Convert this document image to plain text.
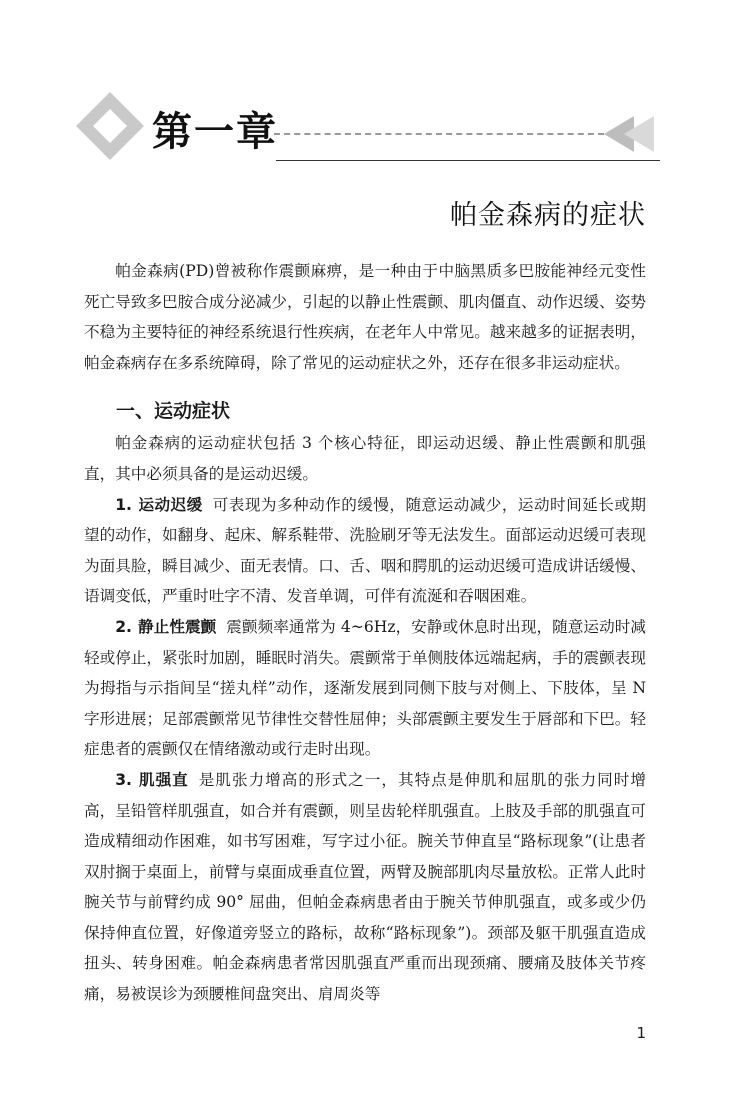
第一章
帕金森病的症状

帕金森病(PD)曾被称作震颤麻痹，是一种由于中脑黑质多巴胺能神经元变性死亡导致多巴胺合成分泌减少，引起的以静止性震颤、肌肉僵直、动作迟缓、姿势不稳为主要特征的神经系统退行性疾病，在老年人中常见。越来越多的证据表明，帕金森病存在多系统障碍，除了常见的运动症状之外，还存在很多非运动症状。

一、运动症状

帕金森病的运动症状包括 3 个核心特征，即运动迟缓、静止性震颤和肌强直，其中必须具备的是运动迟缓。

1. 运动迟缓 可表现为多种动作的缓慢，随意运动减少，运动时间延长或期望的动作，如翻身、起床、解系鞋带、洗脸刷牙等无法发生。面部运动迟缓可表现为面具脸，瞬目减少、面无表情。口、舌、咽和腭肌的运动迟缓可造成讲话缓慢、语调变低，严重时吐字不清、发音单调，可伴有流涎和吞咽困难。

2. 静止性震颤 震颤频率通常为 4~6Hz，安静或休息时出现，随意运动时减轻或停止，紧张时加剧，睡眠时消失。震颤常于单侧肢体远端起病，手的震颤表现为拇指与示指间呈“搓丸样”动作，逐渐发展到同侧下肢与对侧上、下肢体，呈 N 字形进展；足部震颤常见节律性交替性屈伸；头部震颤主要发生于唇部和下巴。轻症患者的震颤仅在情绪激动或行走时出现。

3. 肌强直 是肌张力增高的形式之一，其特点是伸肌和屈肌的张力同时增高，呈铅管样肌强直，如合并有震颤，则呈齿轮样肌强直。上肢及手部的肌强直可造成精细动作困难，如书写困难，写字过小征。腕关节伸直呈“路标现象”(让患者双肘搁于桌面上，前臂与桌面成垂直位置，两臂及腕部肌肉尽量放松。正常人此时腕关节与前臂约成 90° 屈曲，但帕金森病患者由于腕关节伸肌强直，或多或少仍保持伸直位置，好像道旁竖立的路标，故称“路标现象”)。颈部及躯干肌强直造成扭头、转身困难。帕金森病患者常因肌强直严重而出现颈痛、腰痛及肢体关节疼痛，易被误诊为颈腰椎间盘突出、肩周炎等

1
